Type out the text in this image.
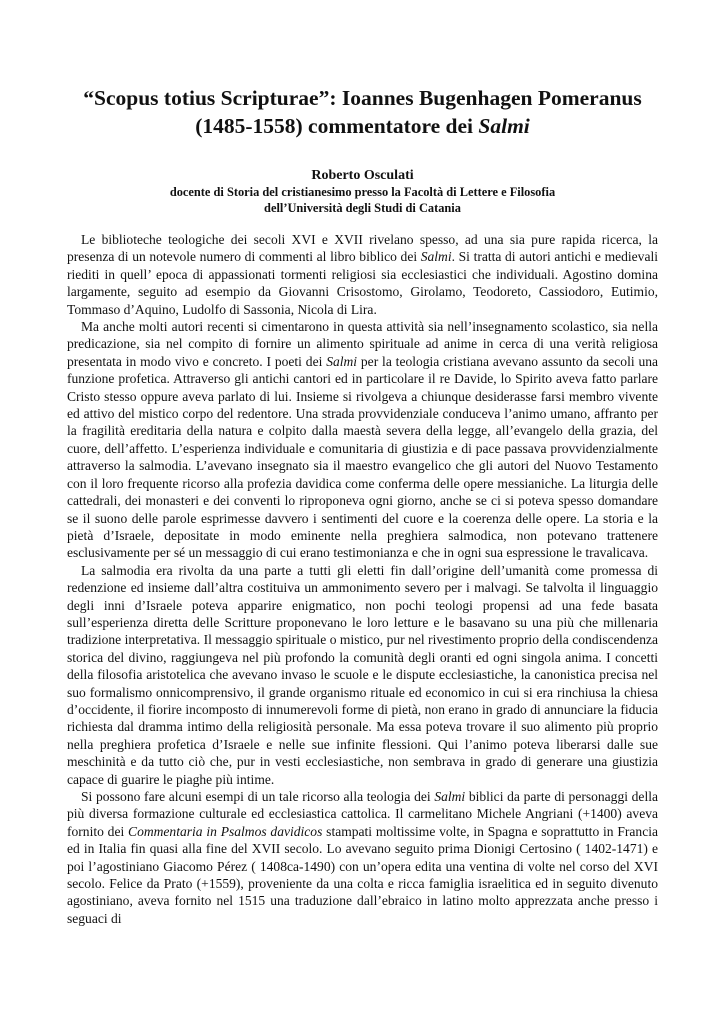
“Scopus totius Scripturae”: Ioannes Bugenhagen Pomeranus
(1485-1558) commentatore dei Salmi

Roberto Osculati

docente di Storia del cristianesimo presso la Facoltà di Lettere e Filosofia
dell’Università degli Studi di Catania

Le biblioteche teologiche dei secoli XVI e XVII rivelano spesso, ad una sia pure rapida ricerca, la presenza di un notevole numero di commenti al libro biblico dei Salmi. Si tratta di autori antichi e medievali riediti in quell’ epoca di appassionati tormenti religiosi sia ecclesiastici che individuali. Agostino domina largamente, seguito ad esempio da Giovanni Crisostomo, Girolamo, Teodoreto, Cassiodoro, Eutimio, Tommaso d’Aquino, Ludolfo di Sassonia, Nicola di Lira.

Ma anche molti autori recenti si cimentarono in questa attività sia nell’insegnamento scolastico, sia nella predicazione, sia nel compito di fornire un alimento spirituale ad anime in cerca di una verità religiosa presentata in modo vivo e concreto. I poeti dei Salmi per la teologia cristiana avevano assunto da secoli una funzione profetica. Attraverso gli antichi cantori ed in particolare il re Davide, lo Spirito aveva fatto parlare Cristo stesso oppure aveva parlato di lui. Insieme si rivolgeva a chiunque desiderasse farsi membro vivente ed attivo del mistico corpo del redentore. Una strada provvidenziale conduceva l’animo umano, affranto per la fragilità ereditaria della natura e colpito dalla maestà severa della legge, all’evangelo della grazia, del cuore, dell’affetto. L’esperienza individuale e comunitaria di giustizia e di pace passava provvidenzialmente attraverso la salmodia. L’avevano insegnato sia il maestro evangelico che gli autori del Nuovo Testamento con il loro frequente ricorso alla profezia davidica come conferma delle opere messianiche. La liturgia delle cattedrali, dei monasteri e dei conventi lo riproponeva ogni giorno, anche se ci si poteva spesso domandare se il suono delle parole esprimesse davvero i sentimenti del cuore e la coerenza delle opere. La storia e la pietà d’Israele, depositate in modo eminente nella preghiera salmodica, non potevano trattenere esclusivamente per sé un messaggio di cui erano testimonianza e che in ogni sua espressione le travalicava.

La salmodia era rivolta da una parte a tutti gli eletti fin dall’origine dell’umanità come promessa di redenzione ed insieme dall’altra costituiva un ammonimento severo per i malvagi. Se talvolta il linguaggio degli inni d’Israele poteva apparire enigmatico, non pochi teologi propensi ad una fede basata sull’esperienza diretta delle Scritture proponevano le loro letture e le basavano su una più che millenaria tradizione interpretativa. Il messaggio spirituale o mistico, pur nel rivestimento proprio della condiscendenza storica del divino, raggiungeva nel più profondo la comunità degli oranti ed ogni singola anima. I concetti della filosofia aristotelica che avevano invaso le scuole e le dispute ecclesiastiche, la canonistica precisa nel suo formalismo onnicomprensivo, il grande organismo rituale ed economico in cui si era rinchiusa la chiesa d’occidente, il fiorire incomposto di innumerevoli forme di pietà, non erano in grado di annunciare la fiducia richiesta dal dramma intimo della religiosità personale. Ma essa poteva trovare il suo alimento più proprio nella preghiera profetica d’Israele e nelle sue infinite flessioni. Qui l’animo poteva liberarsi dalle sue meschinità e da tutto ciò che, pur in vesti ecclesiastiche, non sembrava in grado di generare una giustizia capace di guarire le piaghe più intime.

Si possono fare alcuni esempi di un tale ricorso alla teologia dei Salmi biblici da parte di personaggi della più diversa formazione culturale ed ecclesiastica cattolica. Il carmelitano Michele Angriani (+1400) aveva fornito dei Commentaria in Psalmos davidicos stampati moltissime volte, in Spagna e soprattutto in Francia ed in Italia fin quasi alla fine del XVII secolo. Lo avevano seguito prima Dionigi Certosino ( 1402-1471) e poi l’agostiniano Giacomo Pérez ( 1408ca-1490) con un’opera edita una ventina di volte nel corso del XVI secolo. Felice da Prato (+1559), proveniente da una colta e ricca famiglia israelitica ed in seguito divenuto agostiniano, aveva fornito nel 1515 una traduzione dall’ebraico in latino molto apprezzata anche presso i seguaci di
